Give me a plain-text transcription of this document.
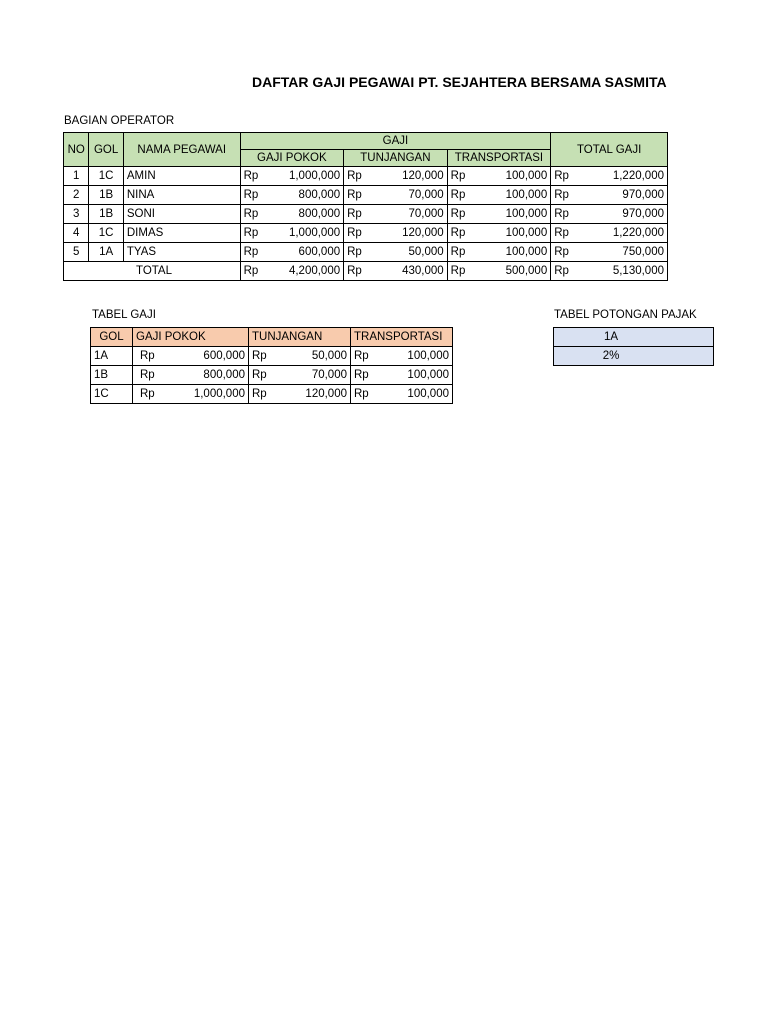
DAFTAR GAJI PEGAWAI PT. SEJAHTERA BERSAMA SASMITA
BAGIAN OPERATOR
NO	GOL	NAMA PEGAWAI	GAJI			TOTAL GAJI
			GAJI POKOK	TUNJANGAN	TRANSPORTASI	
1	1C	AMIN	Rp 1,000,000	Rp 120,000	Rp 100,000	Rp 1,220,000

2	1B	NINA	Rp 800,000	Rp 70,000	Rp 100,000	Rp 970,000

3	1B	SONI	Rp 800,000	Rp 70,000	Rp 100,000	Rp 970,000

4	1C	DIMAS	Rp 1,000,000	Rp 120,000	Rp 100,000	Rp 1,220,000

5	1A	TYAS	Rp 600,000	Rp 50,000	Rp 100,000	Rp 750,000

TOTAL			Rp 4,200,000	Rp 430,000	Rp 500,000	Rp 5,130,000
TABEL GAJI
GOL	GAJI POKOK	TUNJANGAN	TRANSPORTASI
1A	Rp 600,000	Rp 50,000	Rp 100,000

1B	Rp 800,000	Rp 70,000	Rp 100,000

1C	Rp 1,000,000	Rp 120,000	Rp 100,000
TABEL POTONGAN PAJAK
1A
2%
